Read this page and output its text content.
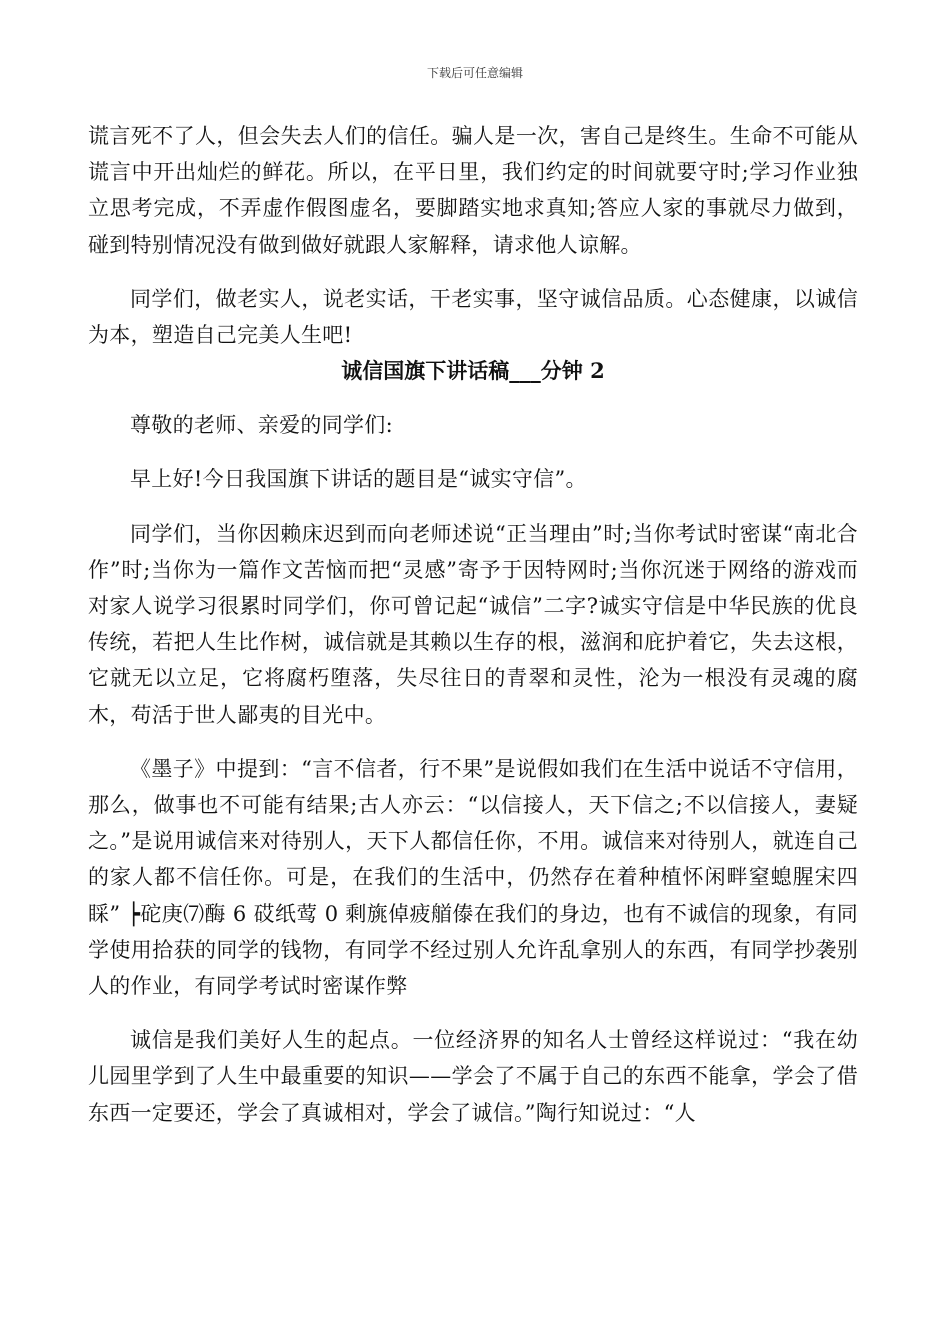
下载后可任意编辑

谎言死不了人，但会失去人们的信任。骗人是一次，害自己是终生。生命不可能从谎言中开出灿烂的鲜花。所以，在平日里，我们约定的时间就要守时;学习作业独立思考完成，不弄虚作假图虚名，要脚踏实地求真知;答应人家的事就尽力做到，碰到特别情况没有做到做好就跟人家解释，请求他人谅解。

同学们，做老实人，说老实话，干老实事，坚守诚信品质。心态健康，以诚信为本，塑造自己完美人生吧!

诚信国旗下讲话稿___分钟 2

尊敬的老师、亲爱的同学们:

早上好!今日我国旗下讲话的题目是“诚实守信”。

同学们，当你因赖床迟到而向老师述说“正当理由”时;当你考试时密谋“南北合作”时;当你为一篇作文苦恼而把“灵感”寄予于因特网时;当你沉迷于网络的游戏而对家人说学习很累时同学们，你可曾记起“诚信”二字?诚实守信是中华民族的优良传统，若把人生比作树，诚信就是其赖以生存的根，滋润和庇护着它，失去这根，它就无以立足，它将腐朽堕落，失尽往日的青翠和灵性，沦为一根没有灵魂的腐木，苟活于世人鄙夷的目光中。

《墨子》中提到：“言不信者，行不果”是说假如我们在生活中说话不守信用，那么，做事也不可能有结果;古人亦云：“以信接人，天下信之;不以信接人，妻疑之。”是说用诚信来对待别人，天下人都信任你，不用。诚信来对待别人，就连自己的家人都不信任你。可是，在我们的生活中，仍然存在着种植怀闲畔窒螅腥宋四睬” ┝砣庚⑺酶 6 砹纸莺 0 剩旐倬疲艏傣在我们的身边，也有不诚信的现象，有同学使用拾获的同学的钱物，有同学不经过别人允许乱拿别人的东西，有同学抄袭别人的作业，有同学考试时密谋作弊

诚信是我们美好人生的起点。一位经济界的知名人士曾经这样说过：“我在幼儿园里学到了人生中最重要的知识——学会了不属于自己的东西不能拿，学会了借东西一定要还，学会了真诚相对，学会了诚信。”陶行知说过：“人
